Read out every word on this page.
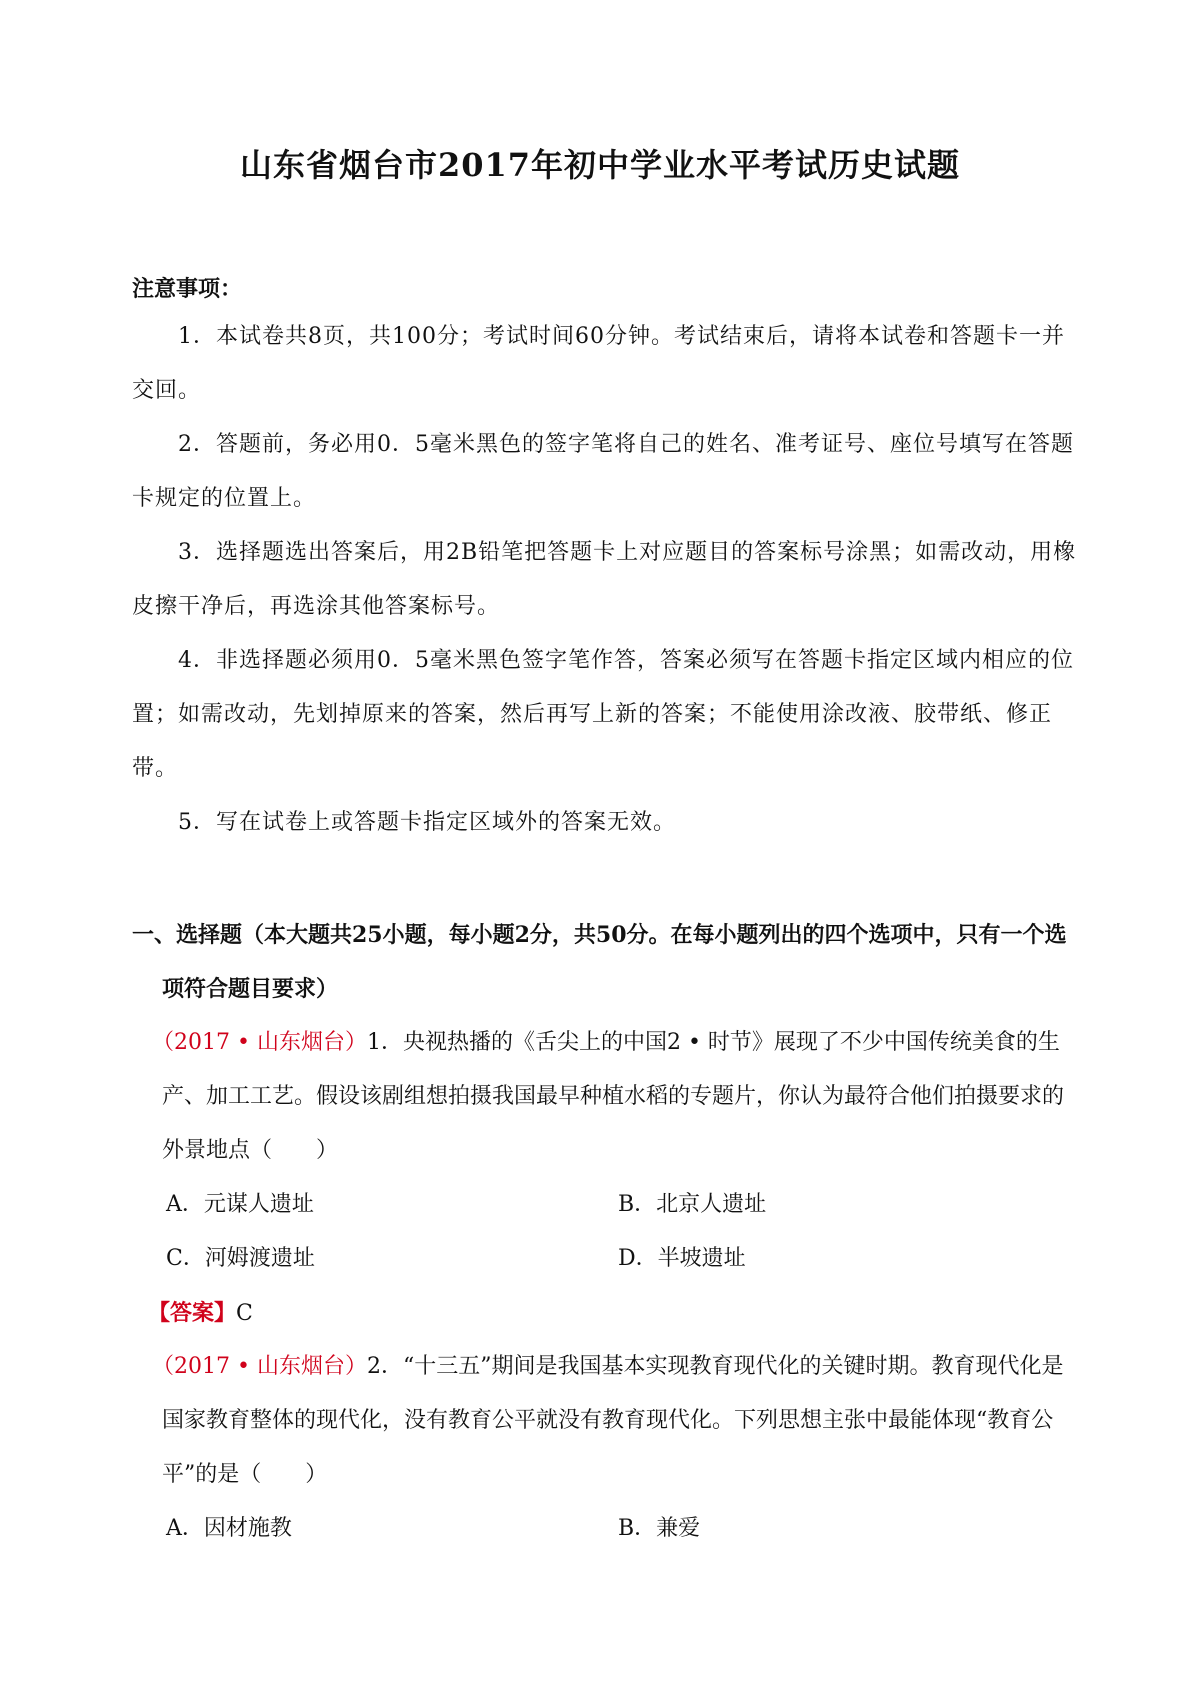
山东省烟台市2017年初中学业水平考试历史试题
注意事项：

1．本试卷共8页，共100分；考试时间60分钟。考试结束后，请将本试卷和答题卡一并交回。

2．答题前，务必用0．5毫米黑色的签字笔将自己的姓名、准考证号、座位号填写在答题卡规定的位置上。

3．选择题选出答案后，用2B铅笔把答题卡上对应题目的答案标号涂黑；如需改动，用橡皮擦干净后，再选涂其他答案标号。

4．非选择题必须用0．5毫米黑色签字笔作答，答案必须写在答题卡指定区域内相应的位置；如需改动，先划掉原来的答案，然后再写上新的答案；不能使用涂改液、胶带纸、修正带。

5．写在试卷上或答题卡指定区域外的答案无效。

一、选择题（本大题共25小题，每小题2分，共50分。在每小题列出的四个选项中，只有一个选项符合题目要求）
（2017 • 山东烟台）1．央视热播的《舌尖上的中国2 • 时节》展现了不少中国传统美食的生产、加工工艺。假设该剧组想拍摄我国最早种植水稻的专题片，你认为最符合他们拍摄要求的外景地点（　　）
A．元谋人遗址	B．北京人遗址
C．河姆渡遗址	D．半坡遗址
【答案】C
（2017 • 山东烟台）2．“十三五”期间是我国基本实现教育现代化的关键时期。教育现代化是国家教育整体的现代化，没有教育公平就没有教育现代化。下列思想主张中最能体现“教育公平”的是（　　）
A．因材施教	B．兼爱
